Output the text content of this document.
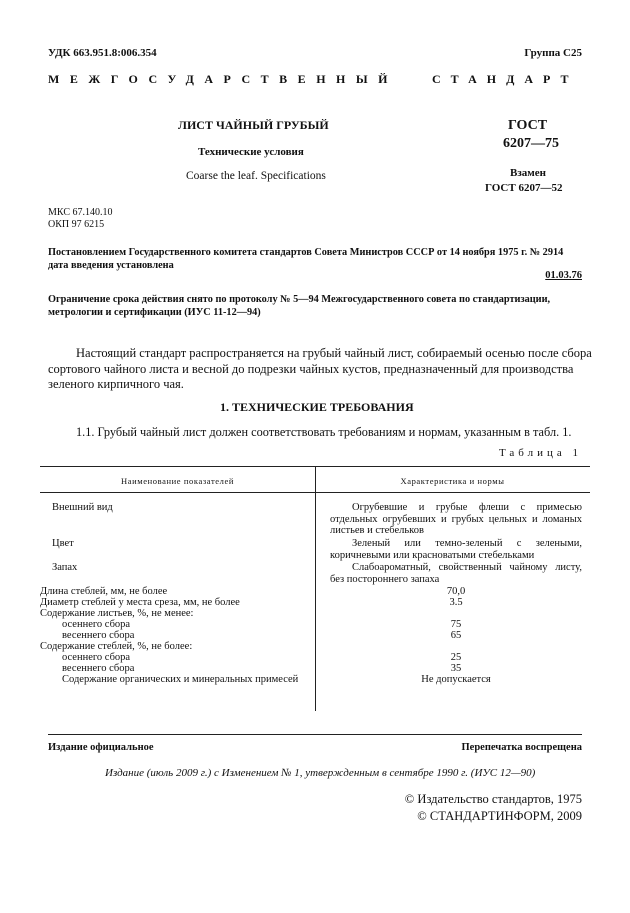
УДК 663.951.8:006.354	Группа С25
МЕЖГОСУДАРСТВЕННЫЙ	СТАНДАРТ
ЛИСТ ЧАЙНЫЙ ГРУБЫЙ
Технические условия
Coarse the leaf. Specifications
ГОСТ
6207—75
Взамен
ГОСТ 6207—52
МКС 67.140.10
ОКП 97 6215
Постановлением Государственного комитета стандартов Совета Министров СССР от 14 ноября 1975 г. № 2914
дата введения установлена
01.03.76
Ограничение срока действия снято по протоколу № 5—94 Межгосударственного совета по стандартизации,
метрологии и сертификации (ИУС 11-12—94)
Настоящий стандарт распространяется на грубый чайный лист, собираемый осенью после сбора
сортового чайного листа и весной до подрезки чайных кустов, предназначенный для производства
зеленого кирпичного чая.
1. ТЕХНИЧЕСКИЕ ТРЕБОВАНИЯ
1.1. Грубый чайный лист должен соответствовать требованиям и нормам, указанным в табл. 1.
Таблица 1
Наименование показателей	Характеристика и нормы
Внешний вид	Огрубевшие и грубые флеши с примесью отдельных огрубевших и грубых цельных и ломаных листьев и стебельков
Цвет	Зеленый или темно-зеленый с зелеными, коричневыми или красноватыми стебельками
Запах	Слабоароматный, свойственный чайному листу, без постороннего запаха
Длина стеблей, мм, не более	70,0
Диаметр стеблей у места среза, мм, не более	3.5
Содержание листьев, %, не менее:
осеннего сбора	75
весеннего сбора	65
Содержание стеблей, %, не более:
осеннего сбора	25
весеннего сбора	35
Содержание органических и минеральных примесей	Не допускается
Издание официальное	Перепечатка воспрещена
Издание (июль 2009 г.) с Изменением № 1, утвержденным в сентябре 1990 г. (ИУС 12—90)
© Издательство стандартов, 1975
© СТАНДАРТИНФОРМ, 2009
